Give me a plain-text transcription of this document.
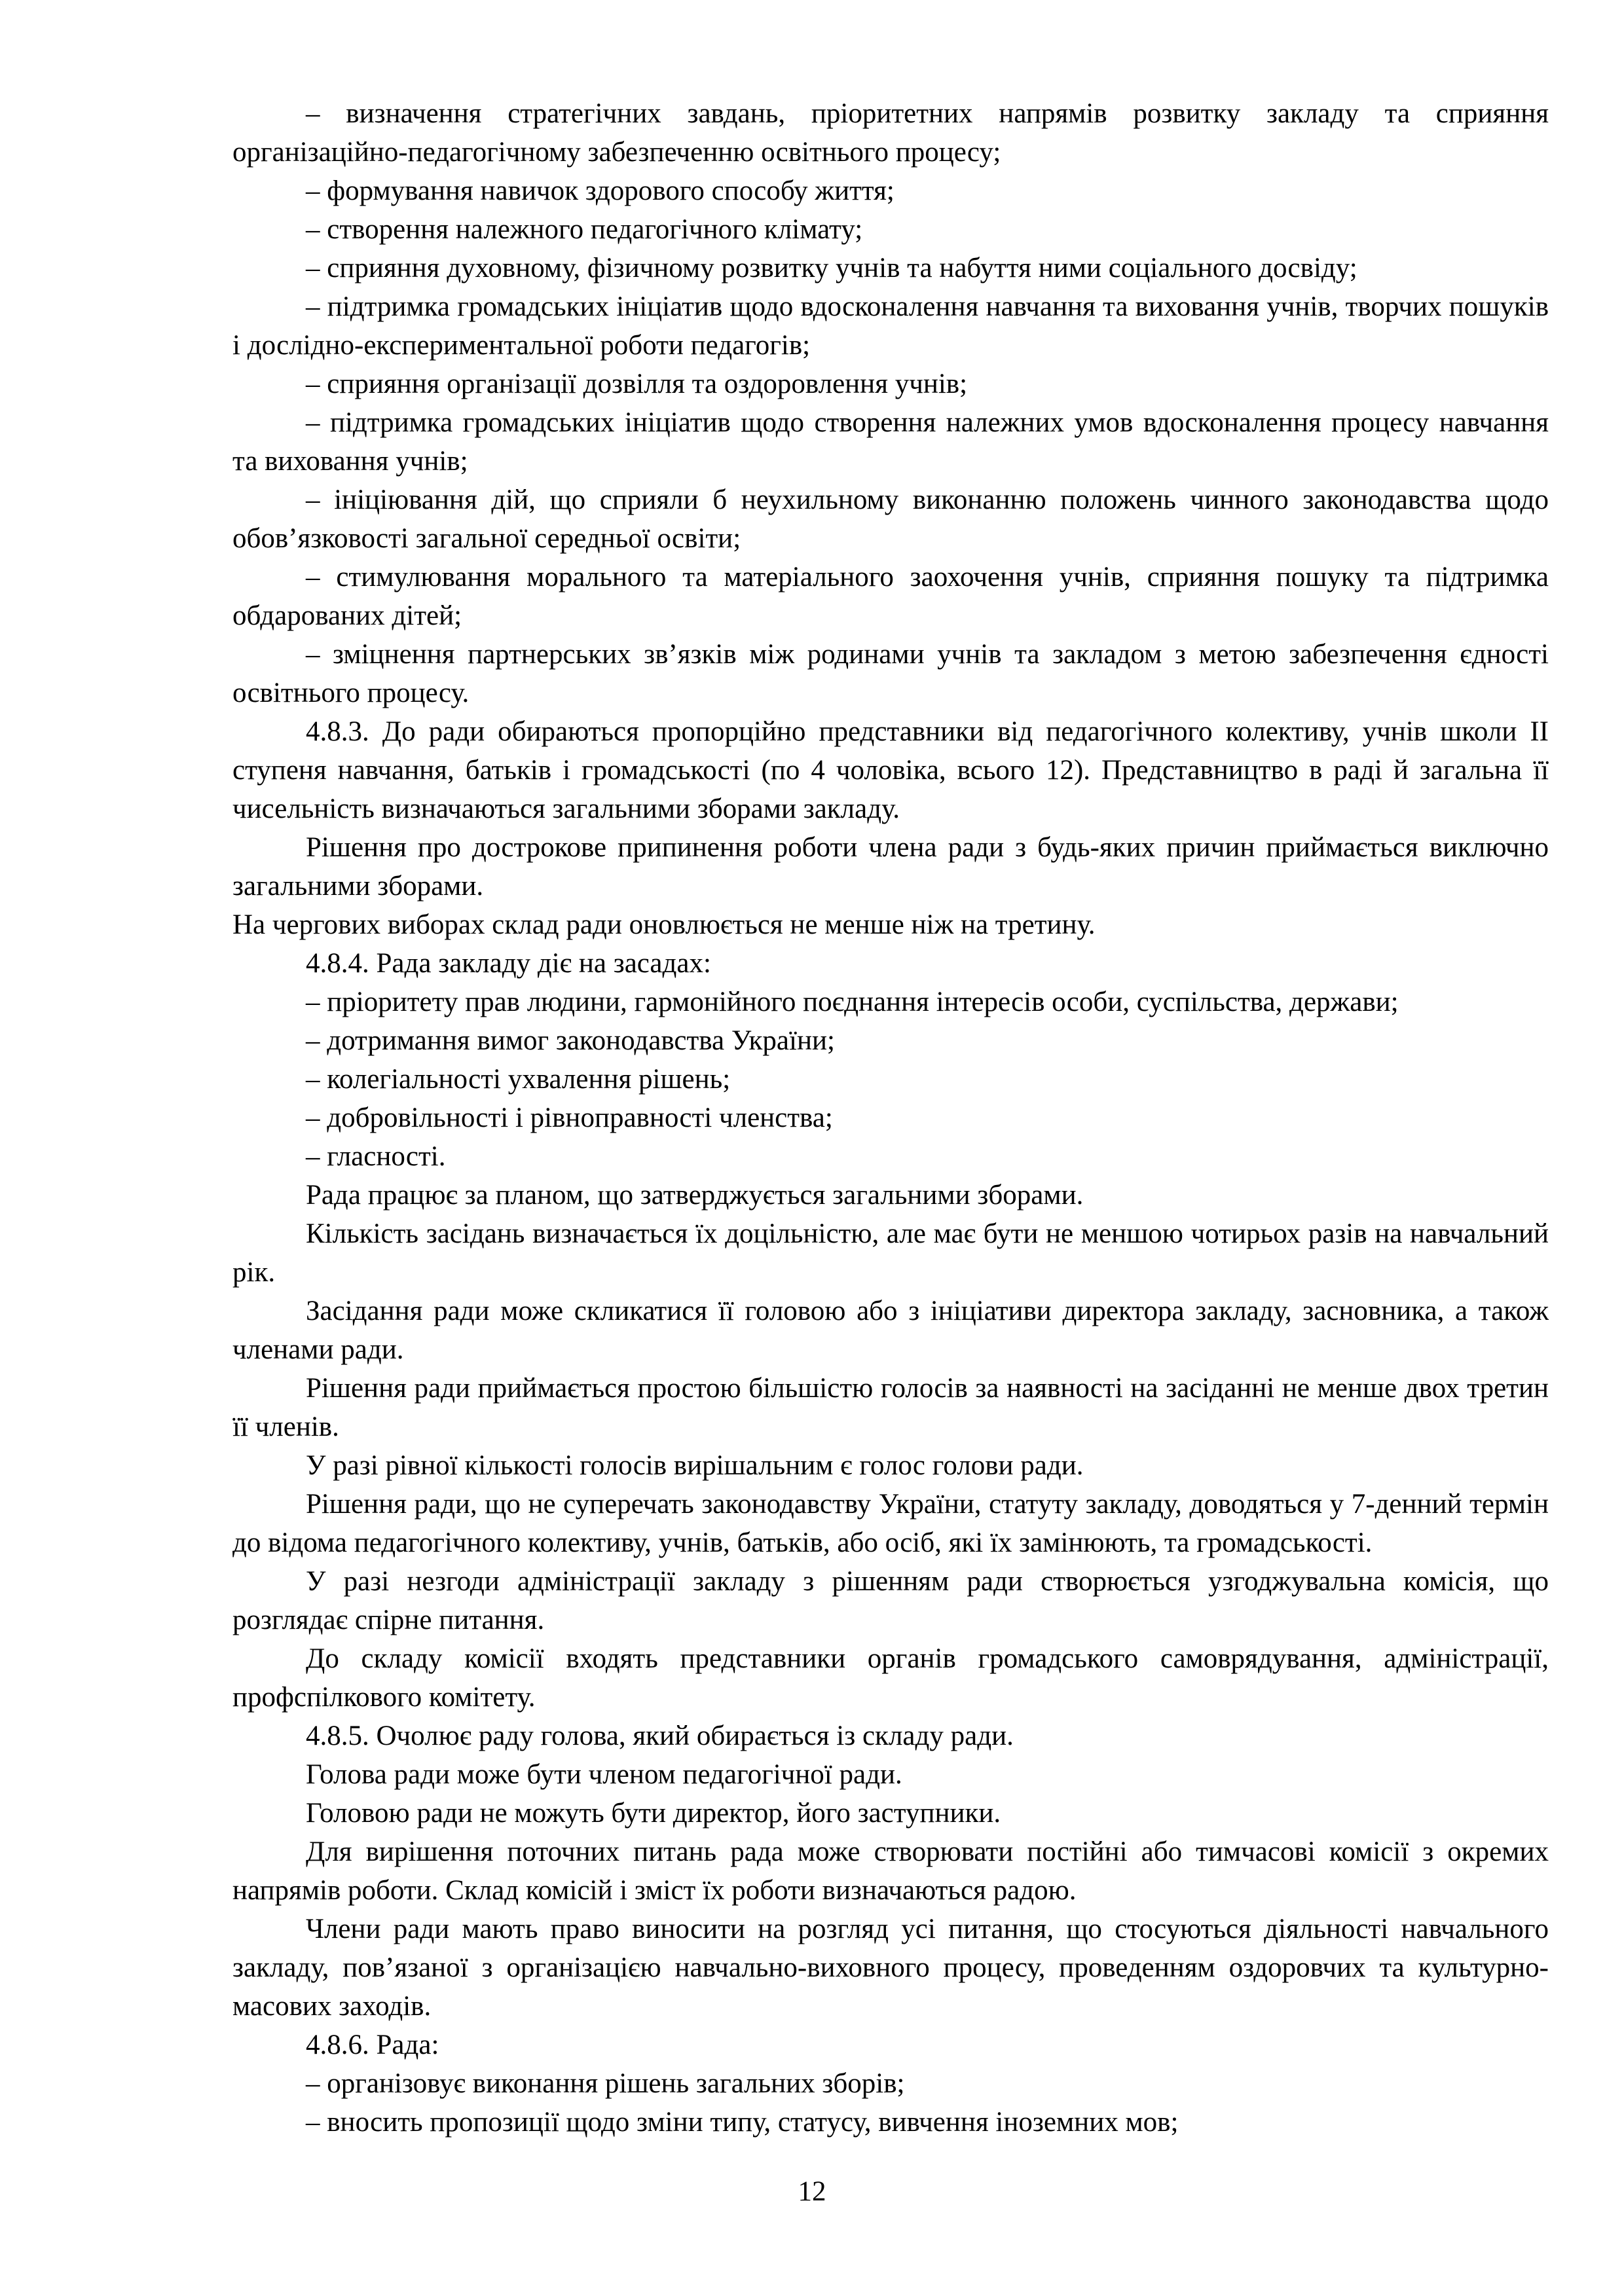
– визначення стратегічних завдань, пріоритетних напрямів розвитку закладу та сприяння організаційно-педагогічному забезпеченню освітнього процесу;

– формування навичок здорового способу життя;

– створення належного педагогічного клімату;

– сприяння духовному, фізичному розвитку учнів та набуття ними соціального досвіду;

– підтримка громадських ініціатив щодо вдосконалення навчання та виховання учнів, творчих пошуків і дослідно-експериментальної роботи педагогів;

– сприяння організації дозвілля та оздоровлення учнів;

– підтримка громадських ініціатив щодо створення належних умов вдосконалення процесу навчання та виховання учнів;

– ініціювання дій, що сприяли б неухильному виконанню положень чинного законодавства щодо обов’язковості загальної середньої освіти;

– стимулювання морального та матеріального заохочення учнів, сприяння пошуку та підтримка обдарованих дітей;

– зміцнення партнерських зв’язків між родинами учнів та закладом з метою забезпечення єдності освітнього процесу.

4.8.3. До ради обираються пропорційно представники від педагогічного колективу, учнів школи ІІ ступеня навчання, батьків і громадськості (по 4 чоловіка, всього 12). Представництво в раді й загальна її чисельність визначаються загальними зборами закладу.

Рішення про дострокове припинення роботи члена ради з будь-яких причин приймається виключно загальними зборами.

На чергових виборах склад ради оновлюється не менше ніж на третину.

4.8.4. Рада закладу діє на засадах:

– пріоритету прав людини, гармонійного поєднання інтересів особи, суспільства, держави;

– дотримання вимог законодавства України;

– колегіальності ухвалення рішень;

– добровільності і рівноправності членства;

– гласності.

Рада працює за планом, що затверджується загальними зборами.

Кількість засідань визначається їх доцільністю, але має бути не меншою чотирьох разів на навчальний рік.

Засідання ради може скликатися її головою або з ініціативи директора закладу, засновника, а також членами ради.

Рішення ради приймається простою більшістю голосів за наявності на засіданні не менше двох третин її членів.

У разі рівної кількості голосів вирішальним є голос голови ради.

Рішення ради, що не суперечать законодавству України, статуту закладу, доводяться у 7-денний термін до відома педагогічного колективу, учнів, батьків, або осіб, які їх замінюють, та громадськості.

У разі незгоди адміністрації закладу з рішенням ради створюється узгоджувальна комісія, що розглядає спірне питання.

До складу комісії входять представники органів громадського самоврядування, адміністрації, профспілкового комітету.

4.8.5. Очолює раду голова, який обирається із складу ради.

Голова ради може бути членом педагогічної ради.

Головою ради не можуть бути директор, його заступники.

Для вирішення поточних питань рада може створювати постійні або тимчасові комісії з окремих напрямів роботи. Склад комісій і зміст їх роботи визначаються радою.

Члени ради мають право виносити на розгляд усі питання, що стосуються діяльності навчального закладу, пов’язаної з організацією навчально-виховного процесу, проведенням оздоровчих та культурно-масових заходів.

4.8.6. Рада:

– організовує виконання рішень загальних зборів;

– вносить пропозиції щодо зміни типу, статусу, вивчення іноземних мов;

12
